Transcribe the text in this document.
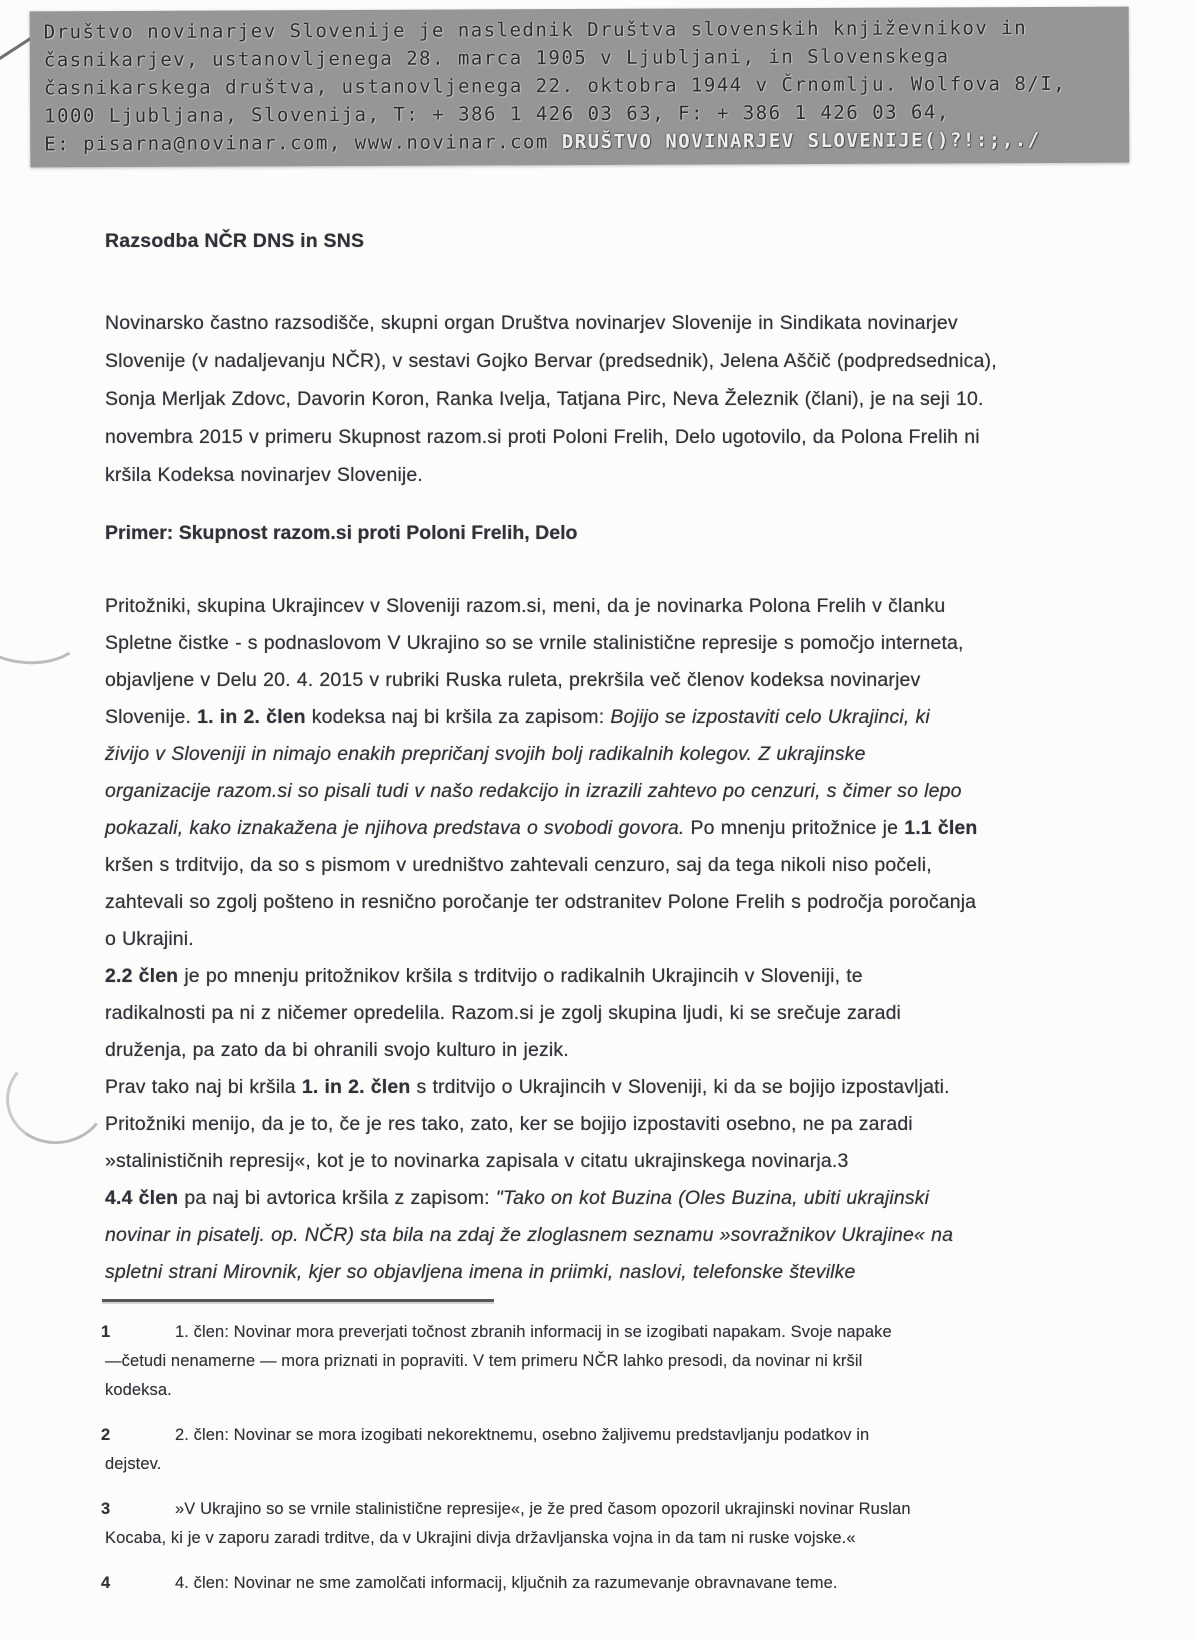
Društvo novinarjev Slovenije je naslednik Društva slovenskih književnikov in
časnikarjev, ustanovljenega 28. marca 1905 v Ljubljani, in Slovenskega
časnikarskega društva, ustanovljenega 22. oktobra 1944 v Črnomlju. Wolfova 8/I,
1000 Ljubljana, Slovenija, T: + 386 1 426 03 63, F: + 386 1 426 03 64,
E: pisarna@novinar.com, www.novinar.com DRUŠTVO NOVINARJEV SLOVENIJE()?!:;,./
Razsodba NČR DNS in SNS
Novinarsko častno razsodišče, skupni organ Društva novinarjev Slovenije in Sindikata novinarjev
Slovenije (v nadaljevanju NČR), v sestavi Gojko Bervar (predsednik), Jelena Aščič (podpredsednica),
Sonja Merljak Zdovc, Davorin Koron, Ranka Ivelja, Tatjana Pirc, Neva Železnik (člani), je na seji 10.
novembra 2015 v primeru Skupnost razom.si proti Poloni Frelih, Delo ugotovilo, da Polona Frelih ni
kršila Kodeksa novinarjev Slovenije.
Primer: Skupnost razom.si proti Poloni Frelih, Delo
Pritožniki, skupina Ukrajincev v Sloveniji razom.si, meni, da je novinarka Polona Frelih v članku
Spletne čistke - s podnaslovom V Ukrajino so se vrnile stalinistične represije s pomočjo interneta,
objavljene v Delu 20. 4. 2015 v rubriki Ruska ruleta, prekršila več členov kodeksa novinarjev
Slovenije. 1. in 2. člen kodeksa naj bi kršila za zapisom: Bojijo se izpostaviti celo Ukrajinci, ki
živijo v Sloveniji in nimajo enakih prepričanj svojih bolj radikalnih kolegov. Z ukrajinske
organizacije razom.si so pisali tudi v našo redakcijo in izrazili zahtevo po cenzuri, s čimer so lepo
pokazali, kako iznakažena je njihova predstava o svobodi govora. Po mnenju pritožnice je 1.1 člen
kršen s trditvijo, da so s pismom v uredništvo zahtevali cenzuro, saj da tega nikoli niso počeli,
zahtevali so zgolj pošteno in resnično poročanje ter odstranitev Polone Frelih s področja poročanja
o Ukrajini.
2.2 člen je po mnenju pritožnikov kršila s trditvijo o radikalnih Ukrajincih v Sloveniji, te
radikalnosti pa ni z ničemer opredelila. Razom.si je zgolj skupina ljudi, ki se srečuje zaradi
druženja, pa zato da bi ohranili svojo kulturo in jezik.
Prav tako naj bi kršila 1. in 2. člen s trditvijo o Ukrajincih v Sloveniji, ki da se bojijo izpostavljati.
Pritožniki menijo, da je to, če je res tako, zato, ker se bojijo izpostaviti osebno, ne pa zaradi
»stalinističnih represij«, kot je to novinarka zapisala v citatu ukrajinskega novinarja.3
4.4 člen pa naj bi avtorica kršila z zapisom: "Tako on kot Buzina (Oles Buzina, ubiti ukrajinski
novinar in pisatelj. op. NČR) sta bila na zdaj že zloglasnem seznamu »sovražnikov Ukrajine« na
spletni strani Mirovnik, kjer so objavljena imena in priimki, naslovi, telefonske številke
1	1. člen: Novinar mora preverjati točnost zbranih informacij in se izogibati napakam. Svoje napake
—četudi nenamerne — mora priznati in popraviti. V tem primeru NČR lahko presodi, da novinar ni kršil
kodeksa.
2	2. člen: Novinar se mora izogibati nekorektnemu, osebno žaljivemu predstavljanju podatkov in
dejstev.
3	»V Ukrajino so se vrnile stalinistične represije«, je že pred časom opozoril ukrajinski novinar Ruslan
Kocaba, ki je v zaporu zaradi trditve, da v Ukrajini divja državljanska vojna in da tam ni ruske vojske.«
4	4. člen: Novinar ne sme zamolčati informacij, ključnih za razumevanje obravnavane teme.
